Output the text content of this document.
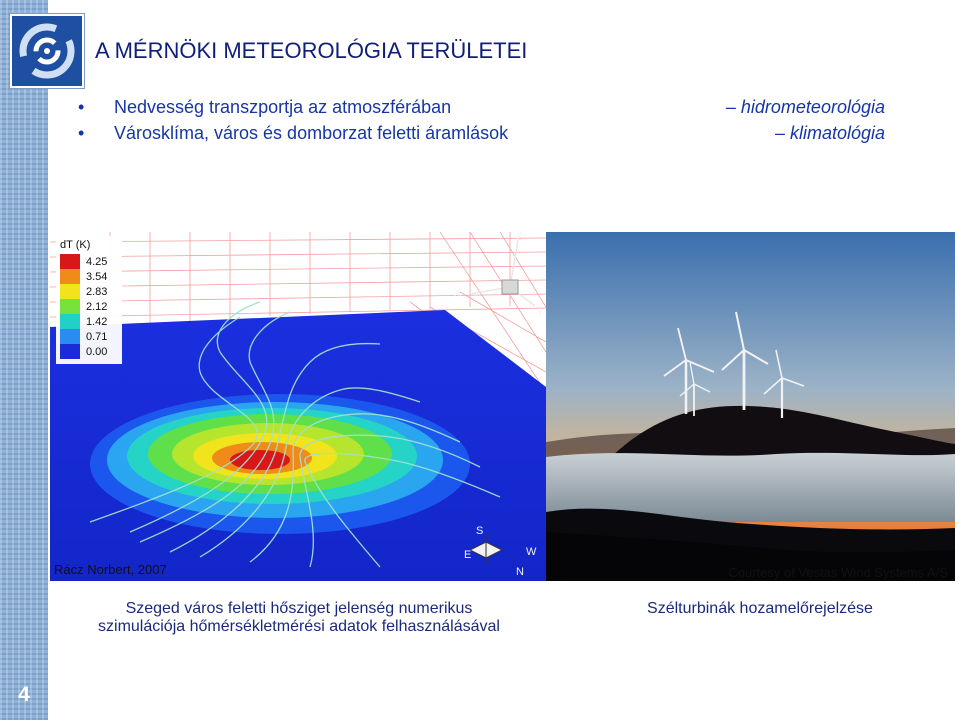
4
A MÉRNÖKI METEOROLÓGIA TERÜLETEI
• Nedvesség transzportja az atmoszférában	– hidrometeorológia
• Városklíma, város és domborzat feletti áramlások	– klimatológia
dT (K)
4.25
3.54
2.83
2.12
1.42
0.71
0.00
Z
X
Y
E	W
N
S
Rácz Norbert, 2007	Courtesy of Vestas Wind Systems A/S
Szeged város feletti hősziget jelenség numerikus
szimulációja hőmérsékletmérési adatok felhasználásával
Szélturbinák hozamelőrejelzése
